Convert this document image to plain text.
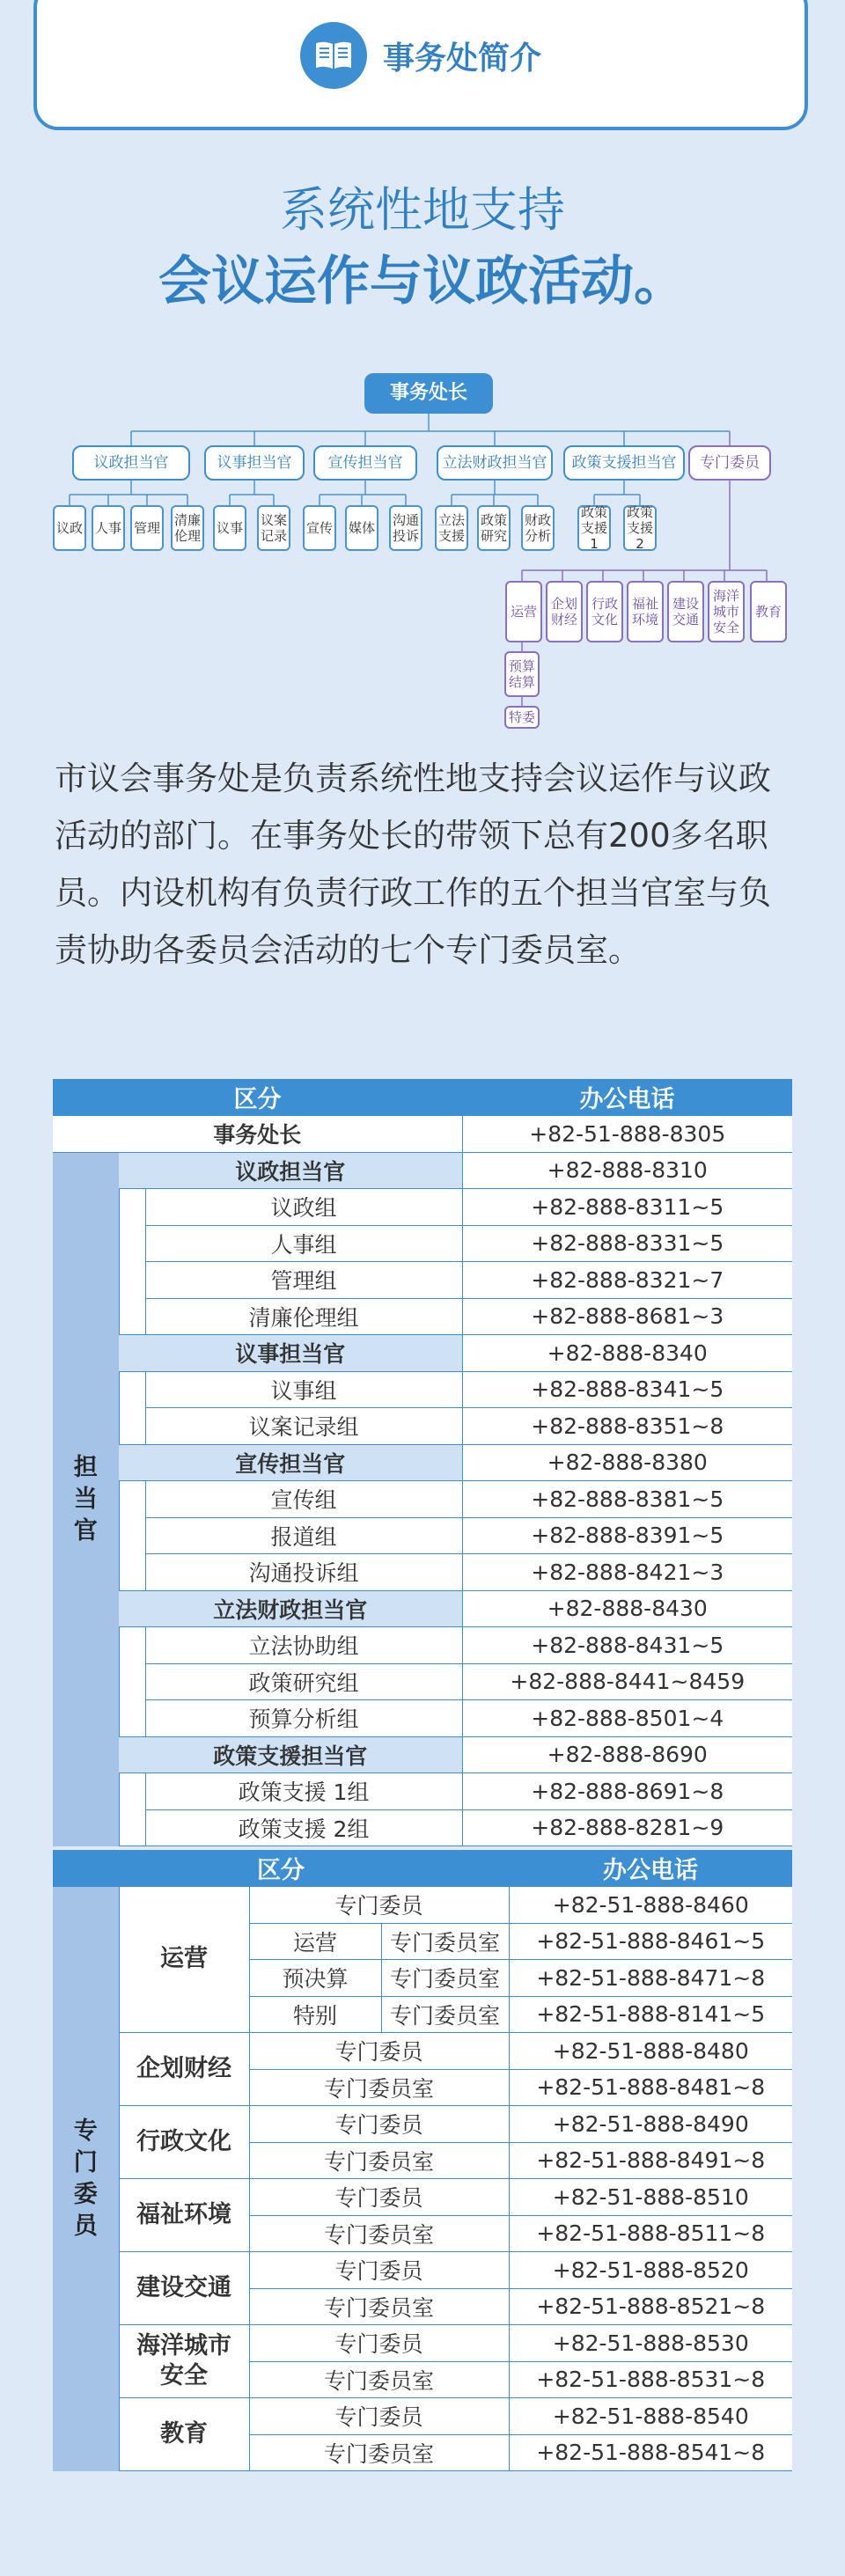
事务处简介
系统性地支持
会议运作与议政活动。
事务处长
议政担当官	议事担当官	宣传担当官	立法财政担当官	政策支援担当官	专门委员
议政 人事 管理 清廉伦理 议事 议案记录 宣传 媒体 沟通投诉
立法支援
政策研究
财政分析
政策支援1
政策支援2
运营	企划财经
行政文化
福祉环境
建设交通
海洋城市安全
教育
预算结算
特委
市议会事务处是负责系统性地支持会议运作与议政活动的部门。在事务处长的带领下总有200多名职员。内设机构有负责行政工作的五个担当官室与负责协助各委员会活动的七个专门委员室。
区分			办公电话
事务处长			+82-51-888-8305
担
当
官	议政担当官		+82-888-8310
		议政组	+82-888-8311~5
		人事组	+82-888-8331~5
		管理组	+82-888-8321~7
		清廉伦理组	+82-888-8681~3
	议事担当官		+82-888-8340
		议事组	+82-888-8341~5
		议案记录组	+82-888-8351~8
	宣传担当官		+82-888-8380
		宣传组	+82-888-8381~5
		报道组	+82-888-8391~5
		沟通投诉组	+82-888-8421~3
	立法财政担当官		+82-888-8430
		立法协助组	+82-888-8431~5
		政策研究组	+82-888-8441~8459
		预算分析组	+82-888-8501~4
	政策支援担当官		+82-888-8690
		政策支援 1组	+82-888-8691~8
		政策支援 2组	+82-888-8281~9
区分				办公电话
专
门
委
员	运营	专门委员		+82-51-888-8460
		运营	专门委员室	+82-51-888-8461~5
		预决算	专门委员室	+82-51-888-8471~8
		特别	专门委员室	+82-51-888-8141~5
	企划财经	专门委员		+82-51-888-8480
		专门委员室		+82-51-888-8481~8
	行政文化	专门委员		+82-51-888-8490
		专门委员室		+82-51-888-8491~8
	福祉环境	专门委员		+82-51-888-8510
		专门委员室		+82-51-888-8511~8
	建设交通	专门委员		+82-51-888-8520
		专门委员室		+82-51-888-8521~8
	海洋城市
安全	专门委员		+82-51-888-8530
		专门委员室		+82-51-888-8531~8
	教育	专门委员		+82-51-888-8540
		专门委员室		+82-51-888-8541~8
